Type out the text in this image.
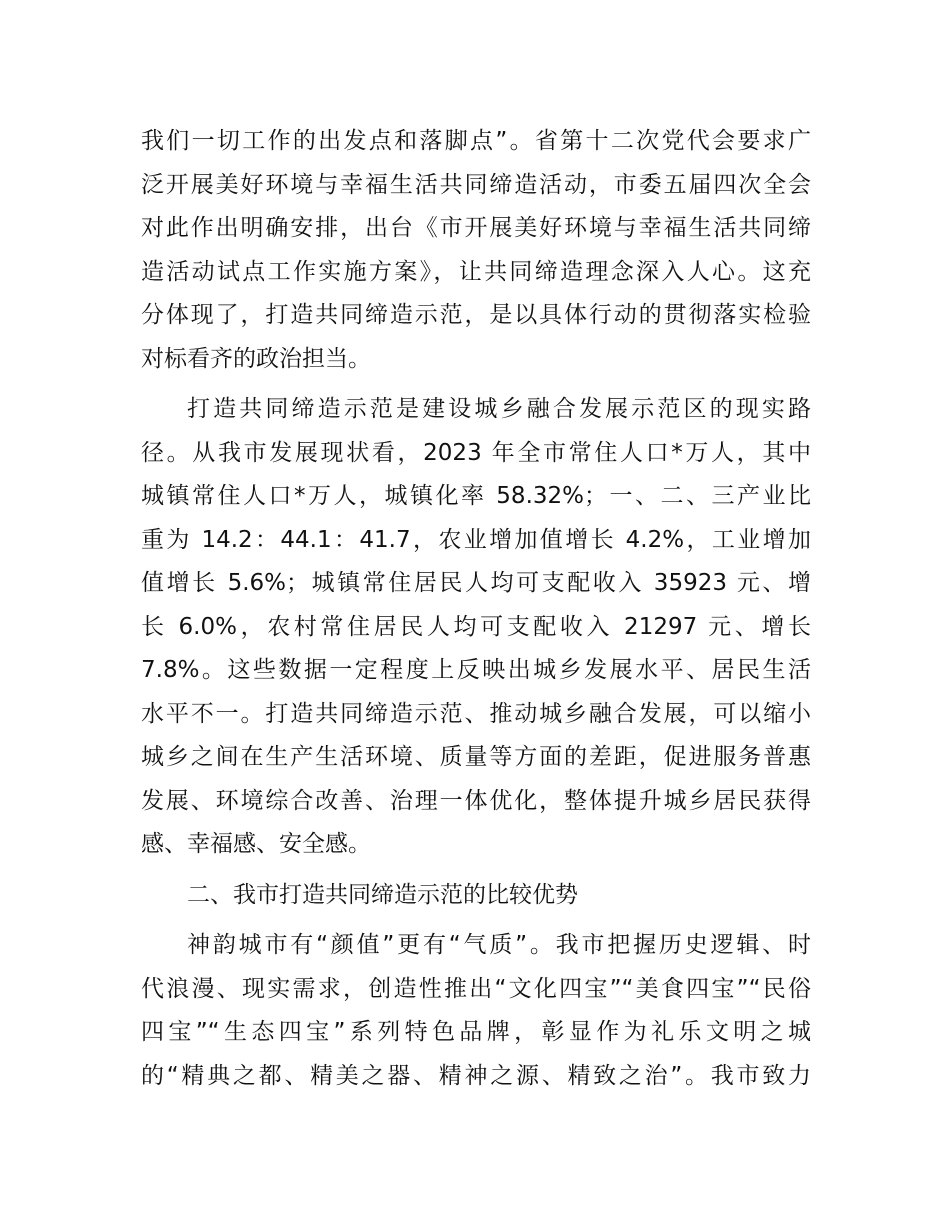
我们一切工作的出发点和落脚点”。省第十二次党代会要求广
泛开展美好环境与幸福生活共同缔造活动，市委五届四次全会
对此作出明确安排，出台《市开展美好环境与幸福生活共同缔
造活动试点工作实施方案》，让共同缔造理念深入人心。这充
分体现了，打造共同缔造示范，是以具体行动的贯彻落实检验
对标看齐的政治担当。
打造共同缔造示范是建设城乡融合发展示范区的现实路
径。从我市发展现状看，2023 年全市常住人口*万人，其中
城镇常住人口*万人，城镇化率 58.32%；一、二、三产业比
重为 14.2：44.1：41.7，农业增加值增长 4.2%，工业增加
值增长 5.6%；城镇常住居民人均可支配收入 35923 元、增
长 6.0%，农村常住居民人均可支配收入 21297 元、增长
7.8%。这些数据一定程度上反映出城乡发展水平、居民生活
水平不一。打造共同缔造示范、推动城乡融合发展，可以缩小
城乡之间在生产生活环境、质量等方面的差距，促进服务普惠
发展、环境综合改善、治理一体优化，整体提升城乡居民获得
感、幸福感、安全感。
二、我市打造共同缔造示范的比较优势
神韵城市有“颜值”更有“气质”。我市把握历史逻辑、时
代浪漫、现实需求，创造性推出“文化四宝”“美食四宝”“民俗
四宝”“生态四宝”系列特色品牌，彰显作为礼乐文明之城
的“精典之都、精美之器、精神之源、精致之治”。我市致力
